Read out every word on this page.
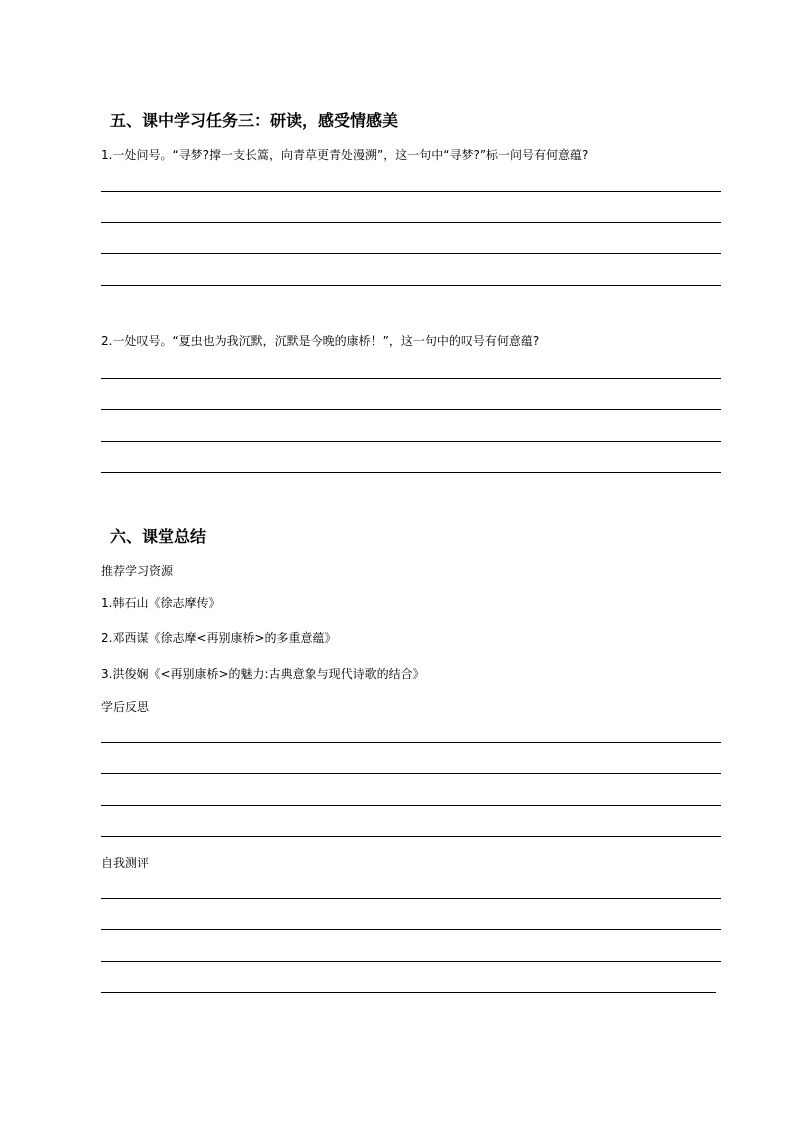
五、课中学习任务三：研读，感受情感美
1.一处问号。“寻梦?撑一支长篙，向青草更青处漫溯”，这一句中“寻梦?”标一问号有何意蕴?
2.一处叹号。“夏虫也为我沉默，沉默是今晚的康桥！”，这一句中的叹号有何意蕴?
六、课堂总结
推荐学习资源
1.韩石山《徐志摩传》
2.邓西谋《徐志摩<再别康桥>的多重意蕴》
3.洪俊娴《<再别康桥>的魅力:古典意象与现代诗歌的结合》
学后反思
自我测评
